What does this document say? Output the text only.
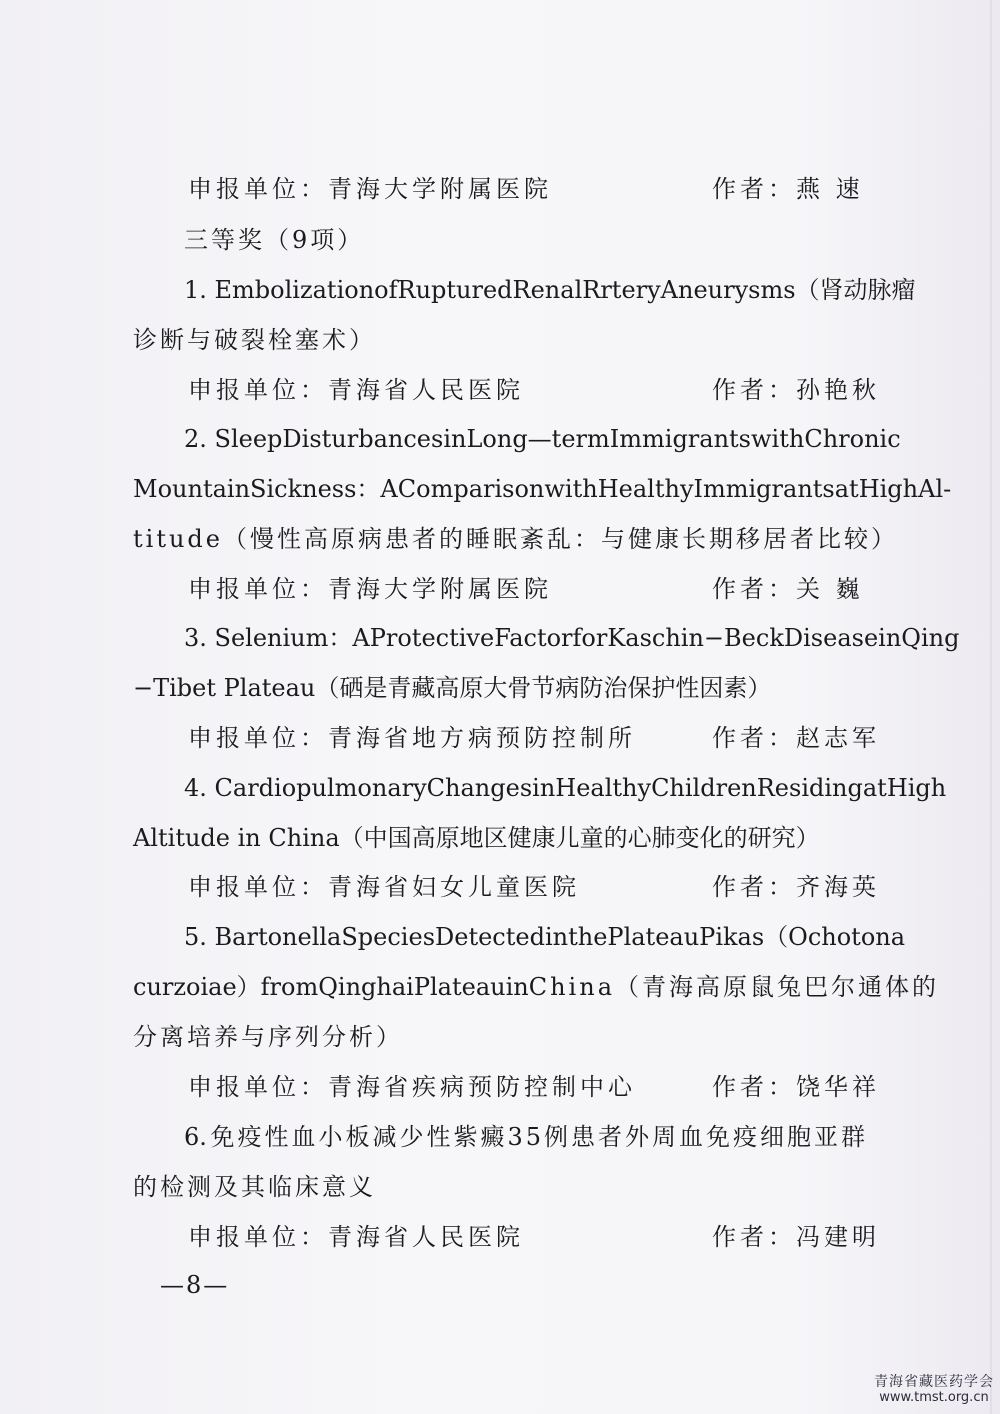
申报单位：青海大学附属医院	作者：燕 速
三等奖（9项）
1. Embolization of Ruptured Renal Rrtery Aneurysms（肾动脉瘤
诊断与破裂栓塞术）
申报单位：青海省人民医院	作者：孙艳秋
2. Sleep Disturbances in Long—term Immigrants with Chronic
Mountain Sickness：A Comparison with Healthy Immigrants at High Al-
titude（慢性高原病患者的睡眠紊乱：与健康长期移居者比较）
申报单位：青海大学附属医院	作者：关 巍
3. Selenium：A Protective Factor for Kaschin−Beck Disease in Qing
−Tibet Plateau（硒是青藏高原大骨节病防治保护性因素）
申报单位：青海省地方病预防控制所	作者：赵志军
4. Cardiopulmonary Changes in Healthy Children Residing at High
Altitude in China（中国高原地区健康儿童的心肺变化的研究）
申报单位：青海省妇女儿童医院	作者：齐海英
5. Bartonella Species Detected in the Plateau Pikas（Ochotona
curzoiae）from Qinghai Plateau in China（青海高原鼠兔巴尔通体的
分离培养与序列分析）
申报单位：青海省疾病预防控制中心	作者：饶华祥
6. 免疫性血小板减少性紫癜35例患者外周血免疫细胞亚群
的检测及其临床意义
申报单位：青海省人民医院	作者：冯建明
—8—
青海省藏医药学会
www.tmst.org.cn
